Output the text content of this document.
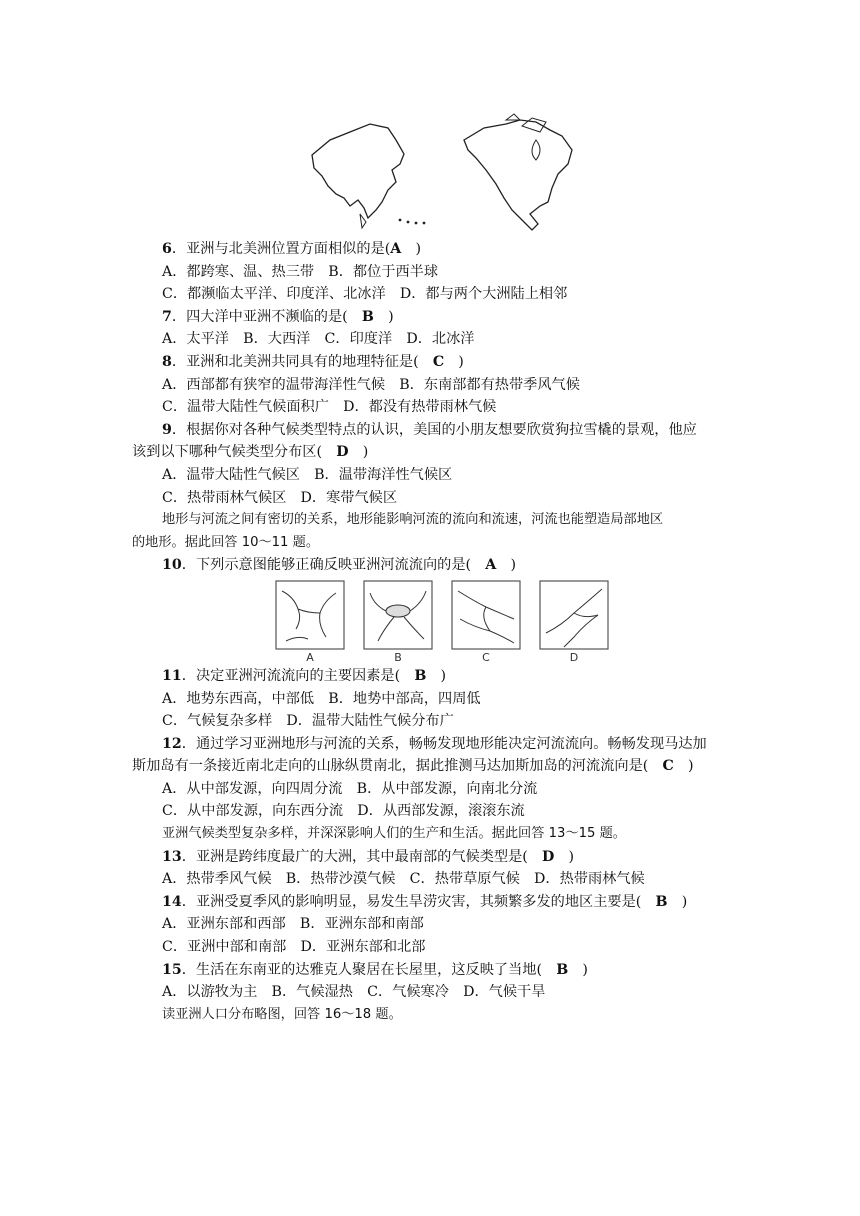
6．亚洲与北美洲位置方面相似的是(A　)
A．都跨寒、温、热三带　B．都位于西半球
C．都濒临太平洋、印度洋、北冰洋　D．都与两个大洲陆上相邻
7．四大洋中亚洲不濒临的是(　 B　)
A．太平洋　B．大西洋　C．印度洋　D．北冰洋
8．亚洲和北美洲共同具有的地理特征是(　 C　)
A．西部都有狭窄的温带海洋性气候　B．东南部都有热带季风气候
C．温带大陆性气候面积广　D．都没有热带雨林气候
9．根据你对各种气候类型特点的认识，美国的小朋友想要欣赏狗拉雪橇的景观，他应
该到以下哪种气候类型分布区(　 D　)
A．温带大陆性气候区　B．温带海洋性气候区
C．热带雨林气候区　D．寒带气候区
地形与河流之间有密切的关系，地形能影响河流的流向和流速，河流也能塑造局部地区
的地形。据此回答 10～11 题。
10．下列示意图能够正确反映亚洲河流流向的是(　 A　)
A	B	C	D
11．决定亚洲河流流向的主要因素是(　 B　)
A．地势东西高，中部低　B．地势中部高，四周低
C．气候复杂多样　D．温带大陆性气候分布广
12．通过学习亚洲地形与河流的关系，畅畅发现地形能决定河流流向。畅畅发现马达加
斯加岛有一条接近南北走向的山脉纵贯南北，据此推测马达加斯加岛的河流流向是(　 C　)
A．从中部发源，向四周分流　B．从中部发源，向南北分流
C．从中部发源，向东西分流　D．从西部发源，滚滚东流
亚洲气候类型复杂多样，并深深影响人们的生产和生活。据此回答 13～15 题。
13．亚洲是跨纬度最广的大洲，其中最南部的气候类型是(　 D　)
A．热带季风气候　B．热带沙漠气候　C．热带草原气候　D．热带雨林气候
14．亚洲受夏季风的影响明显，易发生旱涝灾害，其频繁多发的地区主要是(　 B　)
A．亚洲东部和西部　B．亚洲东部和南部
C．亚洲中部和南部　D．亚洲东部和北部
15．生活在东南亚的达雅克人聚居在长屋里，这反映了当地(　 B　)
A．以游牧为主　B．气候湿热　C．气候寒冷　D．气候干旱
读亚洲人口分布略图，回答 16～18 题。
